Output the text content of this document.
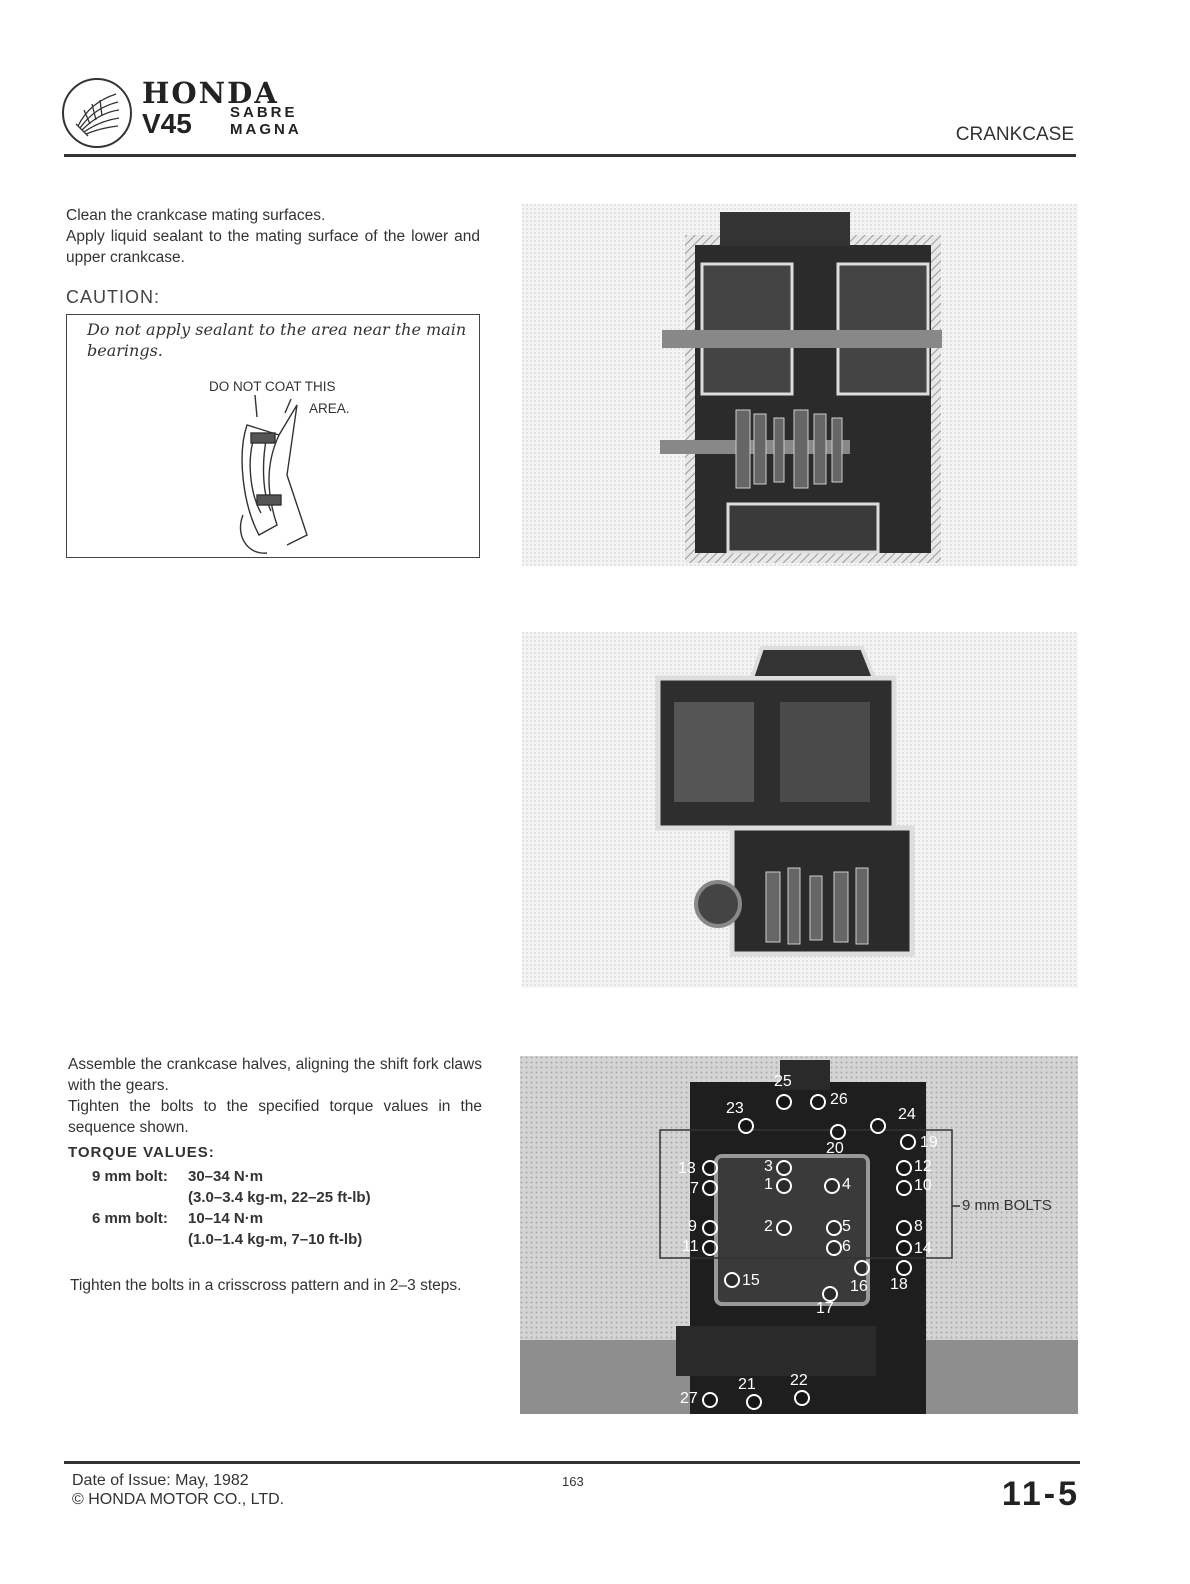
HONDA
V45	SABRE
MAGNA	CRANKCASE
Clean the crankcase mating surfaces.
Apply liquid sealant to the mating surface of the lower and upper crankcase.
CAUTION:
Do not apply sealant to the area near the main bearings.
DO NOT COAT THIS
AREA.
Assemble the crankcase halves, aligning the shift fork claws with the gears.
Tighten the bolts to the specified torque values in the sequence shown.
TORQUE VALUES:
9 mm bolt: 30–34 N·m
(3.0–3.4 kg-m, 22–25 ft-lb)
6 mm bolt: 10–14 N·m
(1.0–1.4 kg-m, 7–10 ft-lb)
Tighten the bolts in a crisscross pattern and in 2–3 steps.
9 mm BOLTS
25
26
23	24
20	19
13
7
3
1	4
12
10
9
11
2	5
6
8
14
18
15	16
17
27
21 22
Date of Issue: May, 1982
© HONDA MOTOR CO., LTD.
163	11-5
